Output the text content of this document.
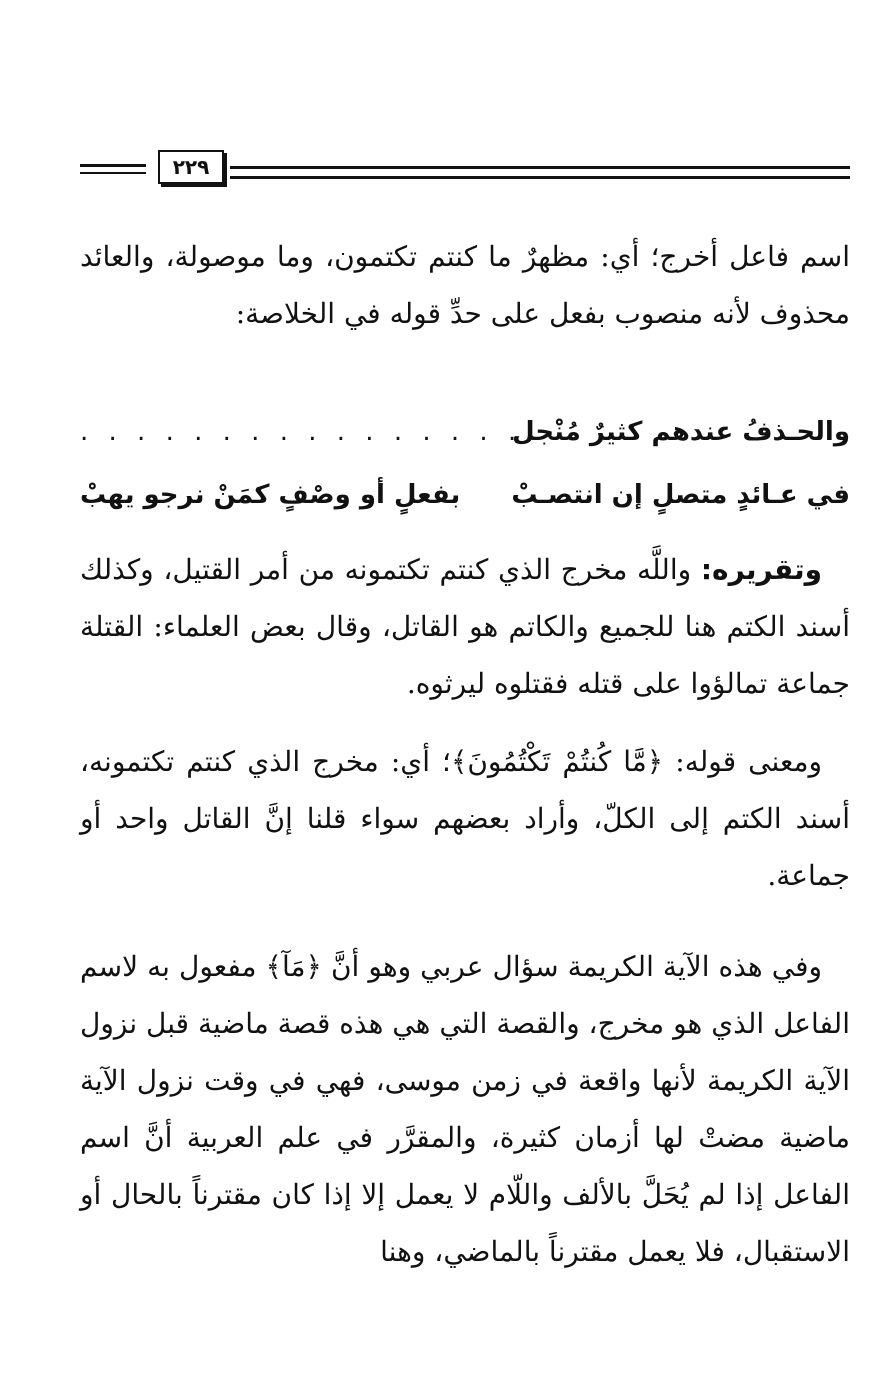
٢٢٩
اسم فاعل أخرج؛ أي: مظهرٌ ما كنتم تكتمون، وما موصولة، والعائد محذوف لأنه منصوب بفعل على حدِّ قوله في الخلاصة:
والحـذفُ عندهم كثيرٌ مُنْجل
. . . . . . . . . . . . . . . .
في عـائدٍ متصلٍ إن انتصـبْ
بفعلٍ أو وصْفٍ كمَنْ نرجو يهبْ
وتقريره: واللَّه مخرج الذي كنتم تكتمونه من أمر القتيل، وكذلك أسند الكتم هنا للجميع والكاتم هو القاتل، وقال بعض العلماء: القتلة جماعة تمالؤوا على قتله فقتلوه ليرثوه.
ومعنى قوله: ﴿مَّا كُنتُمْ تَكْتُمُونَ﴾؛ أي: مخرج الذي كنتم تكتمونه، أسند الكتم إلى الكلّ، وأراد بعضهم سواء قلنا إنَّ القاتل واحد أو جماعة.
وفي هذه الآية الكريمة سؤال عربي وهو أنَّ ﴿مَآ﴾ مفعول به لاسم الفاعل الذي هو مخرج، والقصة التي هي هذه قصة ماضية قبل نزول الآية الكريمة لأنها واقعة في زمن موسى، فهي في وقت نزول الآية ماضية مضتْ لها أزمان كثيرة، والمقرَّر في علم العربية أنَّ اسم الفاعل إذا لم يُحَلَّ بالألف واللّام لا يعمل إلا إذا كان مقترناً بالحال أو الاستقبال، فلا يعمل مقترناً بالماضي، وهنا
